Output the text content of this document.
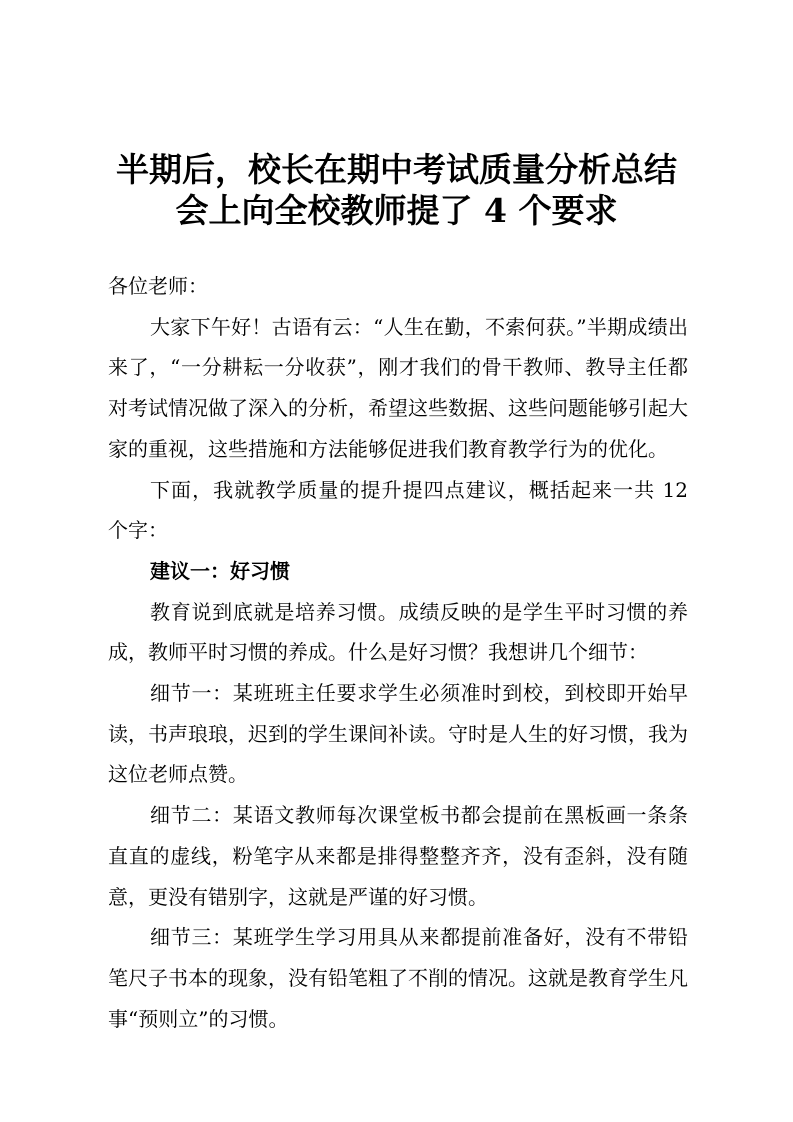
半期后，校长在期中考试质量分析总结
会上向全校教师提了 4 个要求

各位老师：

大家下午好！古语有云：“人生在勤，不索何获。”半期成绩出来了，“一分耕耘一分收获”，刚才我们的骨干教师、教导主任都对考试情况做了深入的分析，希望这些数据、这些问题能够引起大家的重视，这些措施和方法能够促进我们教育教学行为的优化。

下面，我就教学质量的提升提四点建议，概括起来一共 12 个字：

建议一：好习惯

教育说到底就是培养习惯。成绩反映的是学生平时习惯的养成，教师平时习惯的养成。什么是好习惯？我想讲几个细节：

细节一：某班班主任要求学生必须准时到校，到校即开始早读，书声琅琅，迟到的学生课间补读。守时是人生的好习惯，我为这位老师点赞。

细节二：某语文教师每次课堂板书都会提前在黑板画一条条直直的虚线，粉笔字从来都是排得整整齐齐，没有歪斜，没有随意，更没有错别字，这就是严谨的好习惯。

细节三：某班学生学习用具从来都提前准备好，没有不带铅笔尺子书本的现象，没有铅笔粗了不削的情况。这就是教育学生凡事“预则立”的习惯。
